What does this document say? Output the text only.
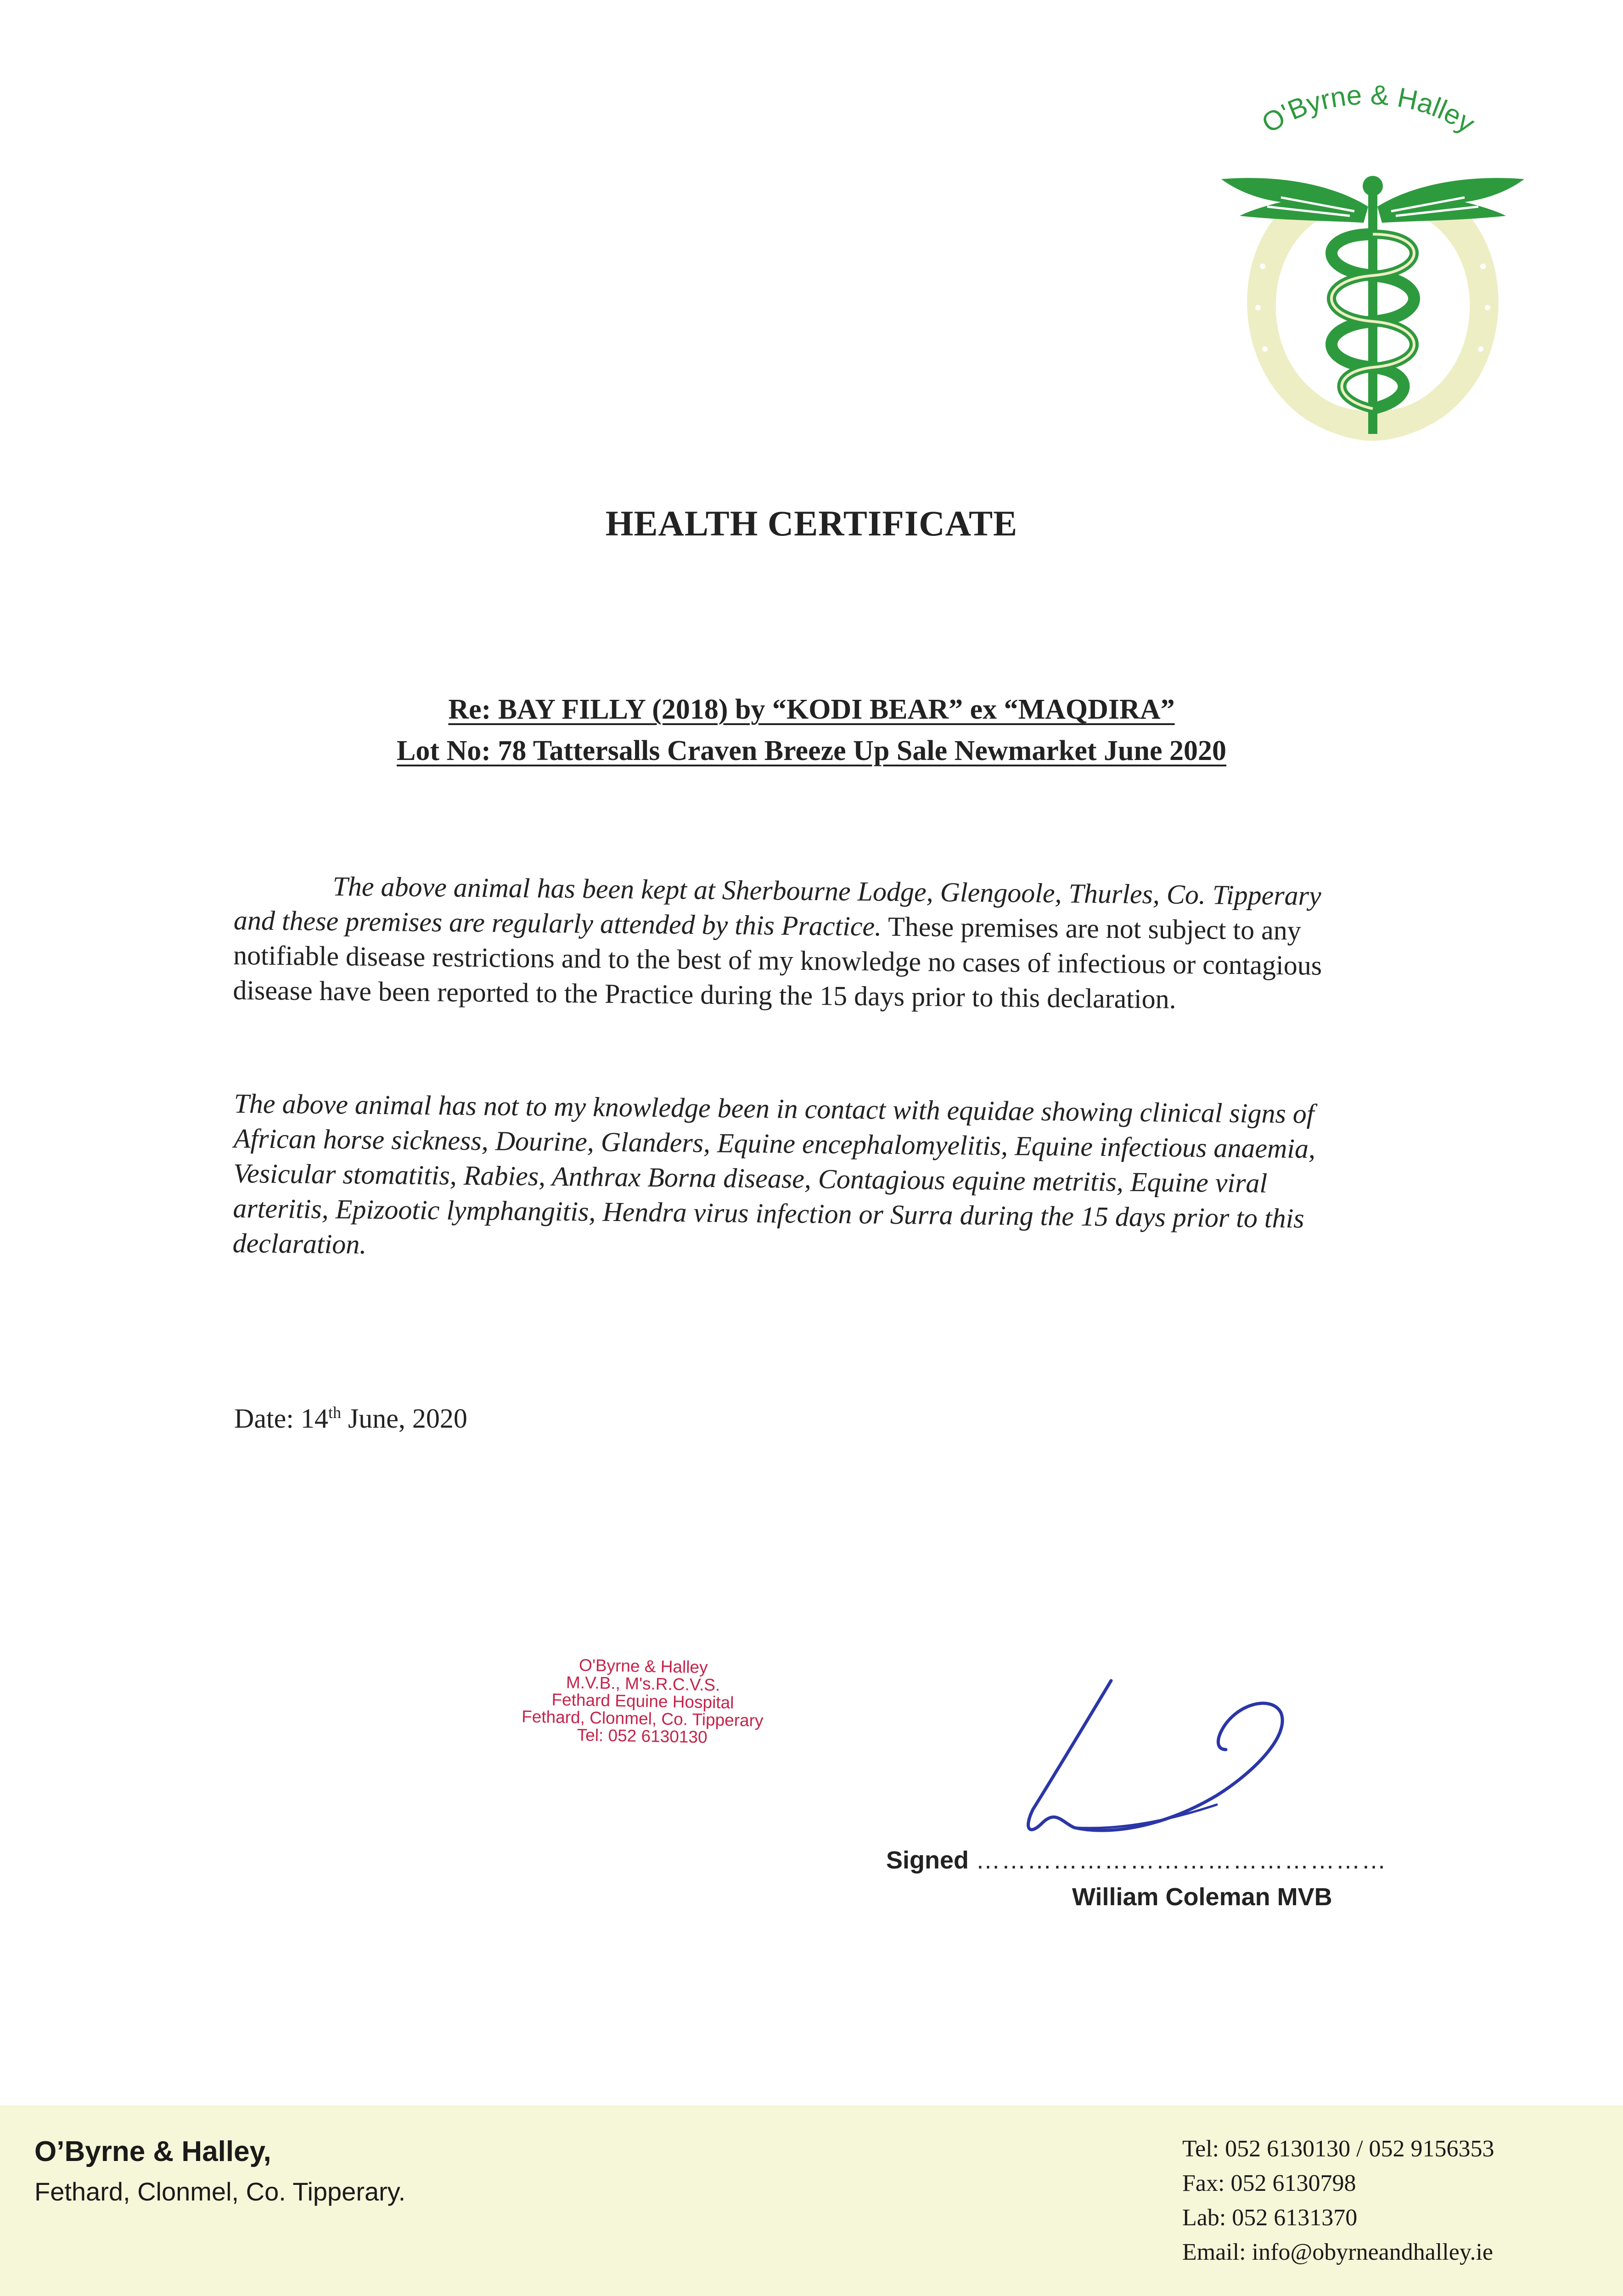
O'Byrne & Halley
HEALTH CERTIFICATE
Re: BAY FILLY (2018) by “KODI BEAR” ex “MAQDIRA”
Lot No: 78 Tattersalls Craven Breeze Up Sale Newmarket June 2020
The above animal has been kept at Sherbourne Lodge, Glengoole, Thurles, Co. Tipperary and these premises are regularly attended by this Practice. These premises are not subject to any notifiable disease restrictions and to the best of my knowledge no cases of infectious or contagious disease have been reported to the Practice during the 15 days prior to this declaration.
The above animal has not to my knowledge been in contact with equidae showing clinical signs of African horse sickness, Dourine, Glanders, Equine encephalomyelitis, Equine infectious anaemia, Vesicular stomatitis, Rabies, Anthrax Borna disease, Contagious equine metritis, Equine viral arteritis, Epizootic lymphangitis, Hendra virus infection or Surra during the 15 days prior to this declaration.
Date: 14th June, 2020
O'Byrne & Halley
M.V.B., M's.R.C.V.S.
Fethard Equine Hospital
Fethard, Clonmel, Co. Tipperary
Tel: 052 6130130
Signed …………………………………………
William Coleman MVB
O’Byrne & Halley,
Fethard, Clonmel, Co. Tipperary.
Tel: 052 6130130 / 052 9156353
Fax: 052 6130798
Lab: 052 6131370
Email: info@obyrneandhalley.ie
